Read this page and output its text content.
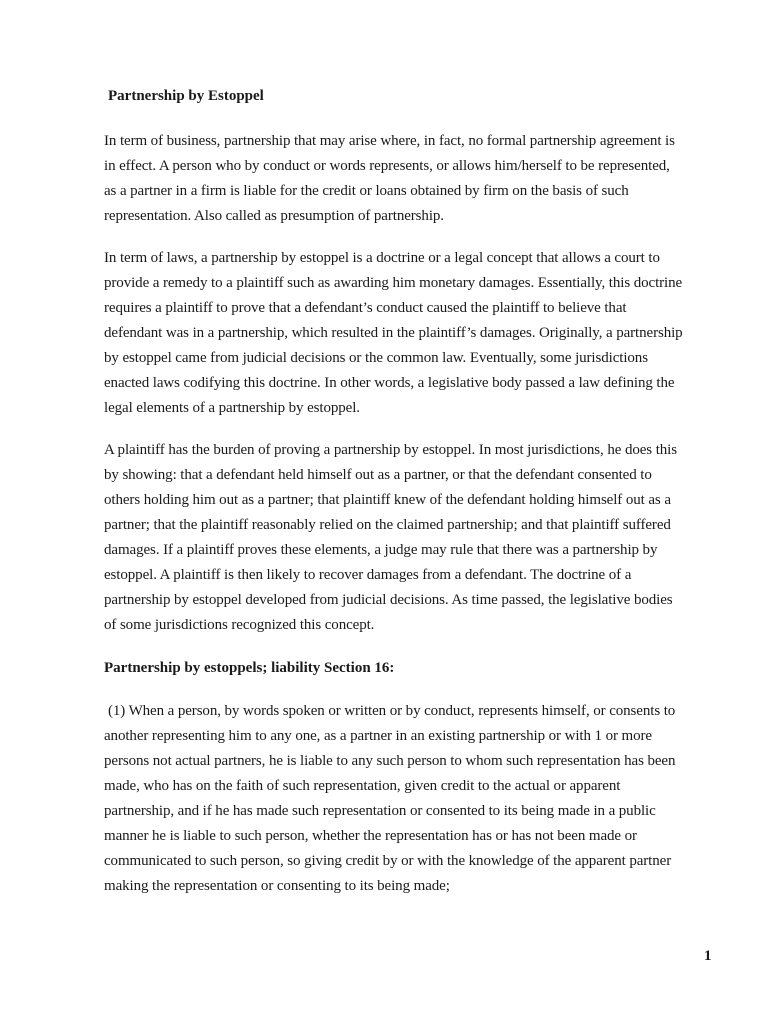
Partnership by Estoppel

In term of business, partnership that may arise where, in fact, no formal partnership agreement is
in effect. A person who by conduct or words represents, or allows him/herself to be represented,
as a partner in a firm is liable for the credit or loans obtained by firm on the basis of such
representation. Also called as presumption of partnership.

In term of laws, a partnership by estoppel is a doctrine or a legal concept that allows a court to
provide a remedy to a plaintiff such as awarding him monetary damages. Essentially, this doctrine
requires a plaintiff to prove that a defendant’s conduct caused the plaintiff to believe that
defendant was in a partnership, which resulted in the plaintiff’s damages. Originally, a partnership
by estoppel came from judicial decisions or the common law. Eventually, some jurisdictions
enacted laws codifying this doctrine. In other words, a legislative body passed a law defining the
legal elements of a partnership by estoppel.

A plaintiff has the burden of proving a partnership by estoppel. In most jurisdictions, he does this
by showing: that a defendant held himself out as a partner, or that the defendant consented to
others holding him out as a partner; that plaintiff knew of the defendant holding himself out as a
partner; that the plaintiff reasonably relied on the claimed partnership; and that plaintiff suffered
damages. If a plaintiff proves these elements, a judge may rule that there was a partnership by
estoppel. A plaintiff is then likely to recover damages from a defendant. The doctrine of a
partnership by estoppel developed from judicial decisions. As time passed, the legislative bodies
of some jurisdictions recognized this concept.

Partnership by estoppels; liability Section 16:

(1) When a person, by words spoken or written or by conduct, represents himself, or consents to

another representing him to any one, as a partner in an existing partnership or with 1 or more
persons not actual partners, he is liable to any such person to whom such representation has been
made, who has on the faith of such representation, given credit to the actual or apparent
partnership, and if he has made such representation or consented to its being made in a public
manner he is liable to such person, whether the representation has or has not been made or
communicated to such person, so giving credit by or with the knowledge of the apparent partner
making the representation or consenting to its being made;

1
